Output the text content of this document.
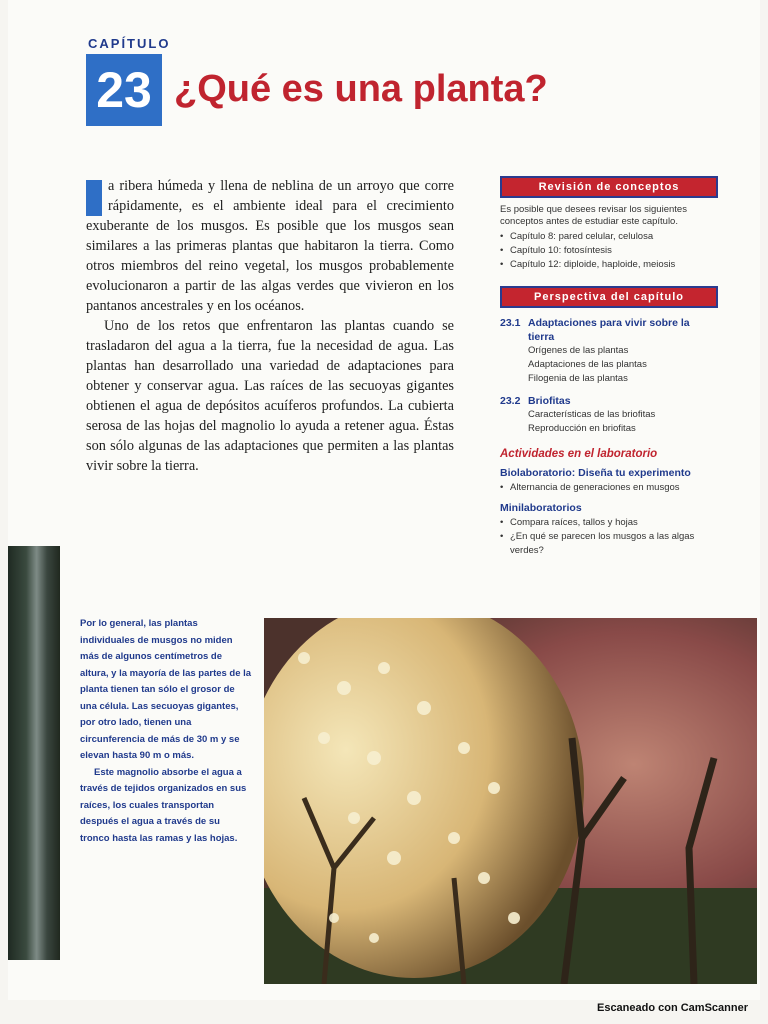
CAPÍTULO
23 ¿Qué es una planta?

a ribera húmeda y llena de neblina de un arroyo que corre rápidamente, es el ambiente ideal para el crecimiento exuberante de los musgos. Es posible que los musgos sean similares a las primeras plantas que habitaron la tierra. Como otros miembros del reino vegetal, los musgos probablemente evolucionaron a partir de las algas verdes que vivieron en los pantanos ancestrales y en los océanos.

Uno de los retos que enfrentaron las plantas cuando se trasladaron del agua a la tierra, fue la necesidad de agua. Las plantas han desarrollado una variedad de adaptaciones para obtener y conservar agua. Las raíces de las secuoyas gigantes obtienen el agua de depósitos acuíferos profundos. La cubierta serosa de las hojas del magnolio lo ayuda a retener agua. Éstas son sólo algunas de las adaptaciones que permiten a las plantas vivir sobre la tierra.

Revisión de conceptos
Es posible que desees revisar los siguientes conceptos antes de estudiar este capítulo.
• Capítulo 8: pared celular, celulosa
• Capítulo 10: fotosíntesis
• Capítulo 12: diploide, haploide, meiosis
Perspectiva del capítulo
23.1 Adaptaciones para vivir sobre la tierra
Orígenes de las plantas
Adaptaciones de las plantas
Filogenia de las plantas
23.2 Briofitas
Características de las briofitas
Reproducción en briofitas
Actividades en el laboratorio
Biolaboratorio: Diseña tu experimento
• Alternancia de generaciones en musgos
Minilaboratorios
• Compara raíces, tallos y hojas
• ¿En qué se parecen los musgos a las algas verdes?

Por lo general, las plantas individuales de musgos no miden más de algunos centímetros de altura, y la mayoría de las partes de la planta tienen tan sólo el grosor de una célula. Las secuoyas gigantes, por otro lado, tienen una circunferencia de más de 30 m y se elevan hasta 90 m o más.

Este magnolio absorbe el agua a través de tejidos organizados en sus raíces, los cuales transportan después el agua a través de su tronco hasta las ramas y las hojas.

Escaneado con CamScanner
